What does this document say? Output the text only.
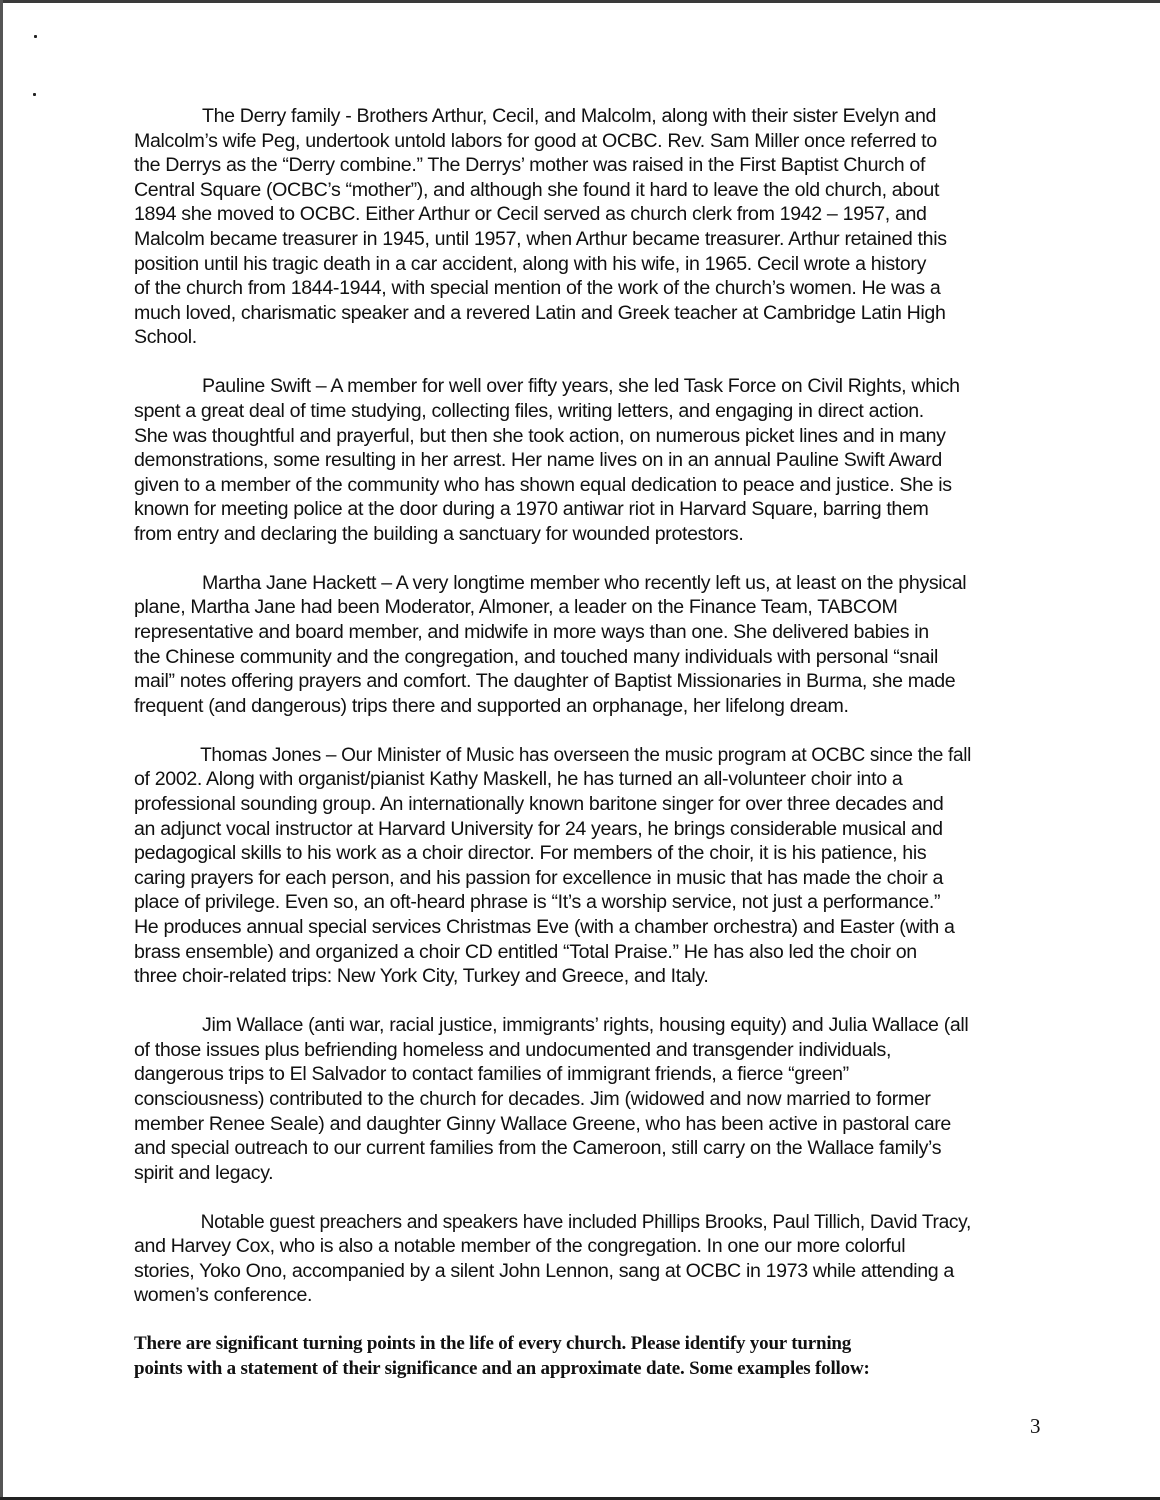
The Derry family - Brothers Arthur, Cecil, and Malcolm, along with their sister Evelyn and
Malcolm’s wife Peg, undertook untold labors for good at OCBC. Rev. Sam Miller once referred to
the Derrys as the “Derry combine.” The Derrys’ mother was raised in the First Baptist Church of
Central Square (OCBC’s “mother”), and although she found it hard to leave the old church, about
1894 she moved to OCBC. Either Arthur or Cecil served as church clerk from 1942 – 1957, and
Malcolm became treasurer in 1945, until 1957, when Arthur became treasurer. Arthur retained this
position until his tragic death in a car accident, along with his wife, in 1965. Cecil wrote a history
of the church from 1844-1944, with special mention of the work of the church’s women. He was a
much loved, charismatic speaker and a revered Latin and Greek teacher at Cambridge Latin High
School.
Pauline Swift – A member for well over fifty years, she led Task Force on Civil Rights, which
spent a great deal of time studying, collecting files, writing letters, and engaging in direct action.
She was thoughtful and prayerful, but then she took action, on numerous picket lines and in many
demonstrations, some resulting in her arrest. Her name lives on in an annual Pauline Swift Award
given to a member of the community who has shown equal dedication to peace and justice. She is
known for meeting police at the door during a 1970 antiwar riot in Harvard Square, barring them
from entry and declaring the building a sanctuary for wounded protestors.
Martha Jane Hackett – A very longtime member who recently left us, at least on the physical
plane, Martha Jane had been Moderator, Almoner, a leader on the Finance Team, TABCOM
representative and board member, and midwife in more ways than one. She delivered babies in
the Chinese community and the congregation, and touched many individuals with personal “snail
mail” notes offering prayers and comfort. The daughter of Baptist Missionaries in Burma, she made
frequent (and dangerous) trips there and supported an orphanage, her lifelong dream.
Thomas Jones – Our Minister of Music has overseen the music program at OCBC since the fall
of 2002. Along with organist/pianist Kathy Maskell, he has turned an all-volunteer choir into a
professional sounding group. An internationally known baritone singer for over three decades and
an adjunct vocal instructor at Harvard University for 24 years, he brings considerable musical and
pedagogical skills to his work as a choir director. For members of the choir, it is his patience, his
caring prayers for each person, and his passion for excellence in music that has made the choir a
place of privilege. Even so, an oft-heard phrase is “It’s a worship service, not just a performance.”
He produces annual special services Christmas Eve (with a chamber orchestra) and Easter (with a
brass ensemble) and organized a choir CD entitled “Total Praise.” He has also led the choir on
three choir-related trips: New York City, Turkey and Greece, and Italy.
Jim Wallace (anti war, racial justice, immigrants’ rights, housing equity) and Julia Wallace (all
of those issues plus befriending homeless and undocumented and transgender individuals,
dangerous trips to El Salvador to contact families of immigrant friends, a fierce “green”
consciousness) contributed to the church for decades. Jim (widowed and now married to former
member Renee Seale) and daughter Ginny Wallace Greene, who has been active in pastoral care
and special outreach to our current families from the Cameroon, still carry on the Wallace family’s
spirit and legacy.
Notable guest preachers and speakers have included Phillips Brooks, Paul Tillich, David Tracy,
and Harvey Cox, who is also a notable member of the congregation. In one our more colorful
stories, Yoko Ono, accompanied by a silent John Lennon, sang at OCBC in 1973 while attending a
women’s conference.
There are significant turning points in the life of every church. Please identify your turning
points with a statement of their significance and an approximate date. Some examples follow:
3
